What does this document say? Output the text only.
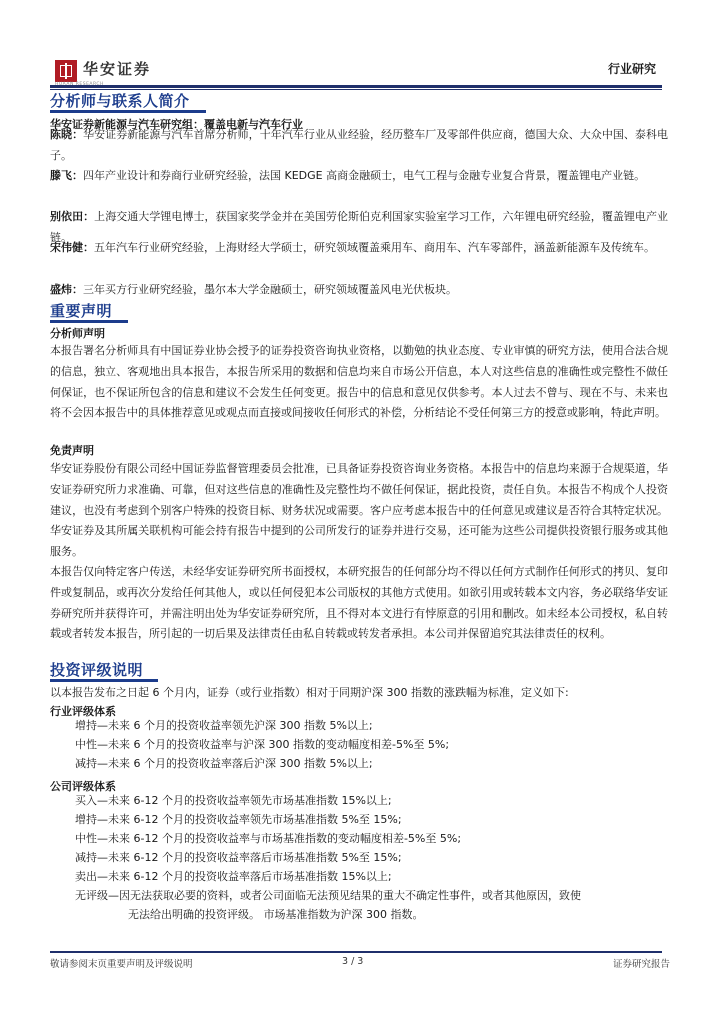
华安证券	行业研究
分析师与联系人简介
华安证券新能源与汽车研究组：覆盖电新与汽车行业
陈晓：华安证券新能源与汽车首席分析师，十年汽车行业从业经验，经历整车厂及零部件供应商，德国大众、大众中国、泰科电子。
滕飞：四年产业设计和券商行业研究经验，法国 KEDGE 高商金融硕士，电气工程与金融专业复合背景，覆盖锂电产业链。
别依田：上海交通大学锂电博士，获国家奖学金并在美国劳伦斯伯克利国家实验室学习工作，六年锂电研究经验，覆盖锂电产业链。
宋伟健：五年汽车行业研究经验，上海财经大学硕士，研究领域覆盖乘用车、商用车、汽车零部件，涵盖新能源车及传统车。
盛炜：三年买方行业研究经验，墨尔本大学金融硕士，研究领域覆盖风电光伏板块。
重要声明
分析师声明
本报告署名分析师具有中国证券业协会授予的证券投资咨询执业资格，以勤勉的执业态度、专业审慎的研究方法，使用合法合规的信息，独立、客观地出具本报告，本报告所采用的数据和信息均来自市场公开信息，本人对这些信息的准确性或完整性不做任何保证，也不保证所包含的信息和建议不会发生任何变更。报告中的信息和意见仅供参考。本人过去不曾与、现在不与、未来也将不会因本报告中的具体推荐意见或观点而直接或间接收任何形式的补偿，分析结论不受任何第三方的授意或影响，特此声明。
免责声明
华安证券股份有限公司经中国证券监督管理委员会批准，已具备证券投资咨询业务资格。本报告中的信息均来源于合规渠道，华安证券研究所力求准确、可靠，但对这些信息的准确性及完整性均不做任何保证，据此投资，责任自负。本报告不构成个人投资建议，也没有考虑到个别客户特殊的投资目标、财务状况或需要。客户应考虑本报告中的任何意见或建议是否符合其特定状况。华安证券及其所属关联机构可能会持有报告中提到的公司所发行的证券并进行交易，还可能为这些公司提供投资银行服务或其他服务。
本报告仅向特定客户传送，未经华安证券研究所书面授权，本研究报告的任何部分均不得以任何方式制作任何形式的拷贝、复印件或复制品，或再次分发给任何其他人，或以任何侵犯本公司版权的其他方式使用。如欲引用或转载本文内容，务必联络华安证券研究所并获得许可，并需注明出处为华安证券研究所，且不得对本文进行有悖原意的引用和删改。如未经本公司授权，私自转载或者转发本报告，所引起的一切后果及法律责任由私自转载或转发者承担。本公司并保留追究其法律责任的权利。
投资评级说明
以本报告发布之日起 6 个月内，证券（或行业指数）相对于同期沪深 300 指数的涨跌幅为标准，定义如下:
行业评级体系
增持—未来 6 个月的投资收益率领先沪深 300 指数 5%以上;
中性—未来 6 个月的投资收益率与沪深 300 指数的变动幅度相差-5%至 5%;
减持—未来 6 个月的投资收益率落后沪深 300 指数 5%以上;
公司评级体系
买入—未来 6-12 个月的投资收益率领先市场基准指数 15%以上;
增持—未来 6-12 个月的投资收益率领先市场基准指数 5%至 15%;
中性—未来 6-12 个月的投资收益率与市场基准指数的变动幅度相差-5%至 5%;
减持—未来 6-12 个月的投资收益率落后市场基准指数 5%至 15%;
卖出—未来 6-12 个月的投资收益率落后市场基准指数 15%以上;
无评级—因无法获取必要的资料，或者公司面临无法预见结果的重大不确定性事件，或者其他原因，致使
无法给出明确的投资评级。 市场基准指数为沪深 300 指数。
敬请参阅末页重要声明及评级说明	3 / 3	证券研究报告
